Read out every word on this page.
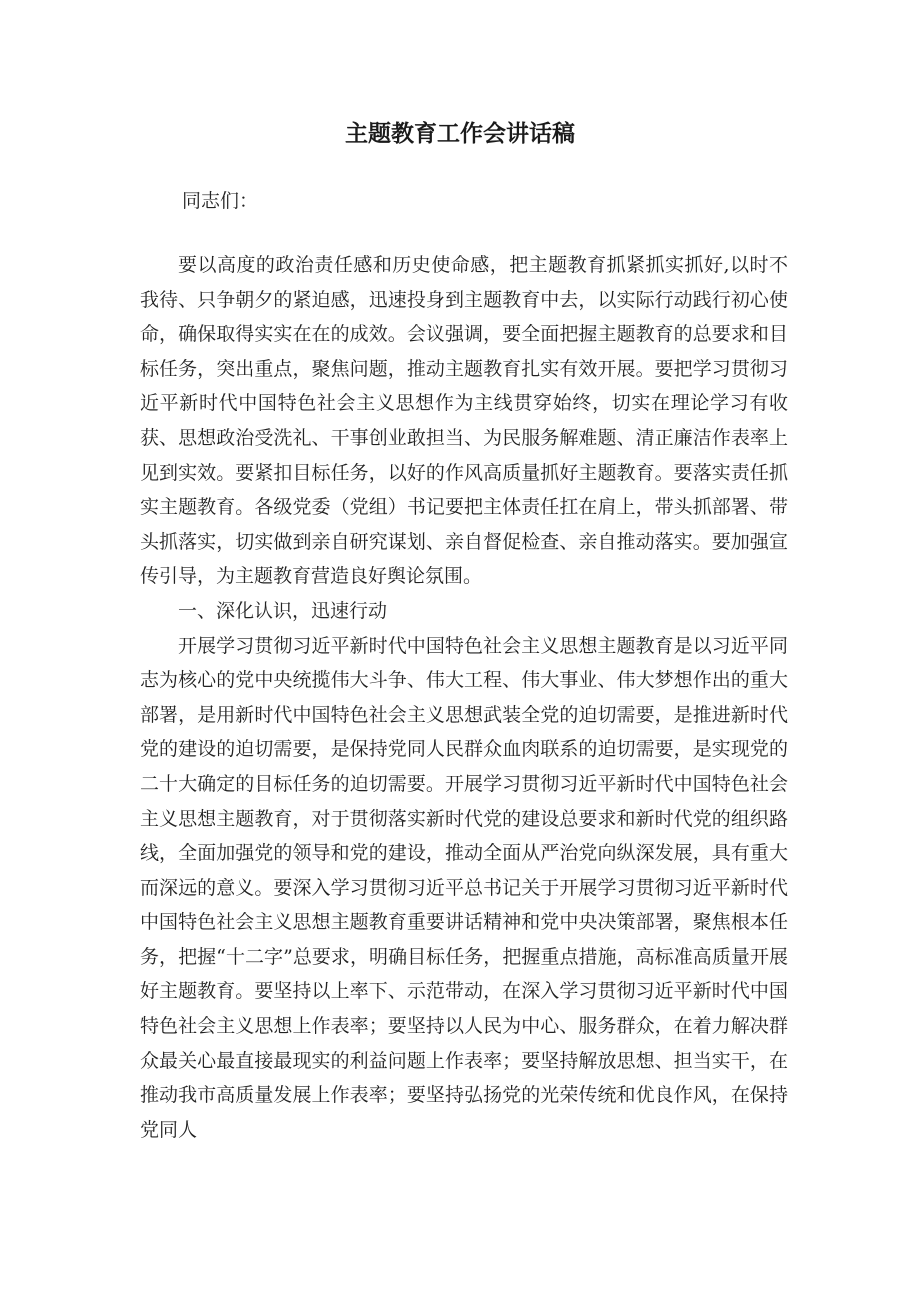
主题教育工作会讲话稿

同志们：

要以高度的政治责任感和历史使命感，把主题教育抓紧抓实抓好,以时不我待、只争朝夕的紧迫感，迅速投身到主题教育中去，以实际行动践行初心使命，确保取得实实在在的成效。会议强调，要全面把握主题教育的总要求和目标任务，突出重点，聚焦问题，推动主题教育扎实有效开展。要把学习贯彻习近平新时代中国特色社会主义思想作为主线贯穿始终，切实在理论学习有收获、思想政治受洗礼、干事创业敢担当、为民服务解难题、清正廉洁作表率上见到实效。要紧扣目标任务，以好的作风高质量抓好主题教育。要落实责任抓实主题教育。各级党委（党组）书记要把主体责任扛在肩上，带头抓部署、带头抓落实，切实做到亲自研究谋划、亲自督促检查、亲自推动落实。要加强宣传引导，为主题教育营造良好舆论氛围。

一、深化认识，迅速行动

开展学习贯彻习近平新时代中国特色社会主义思想主题教育是以习近平同志为核心的党中央统揽伟大斗争、伟大工程、伟大事业、伟大梦想作出的重大部署，是用新时代中国特色社会主义思想武装全党的迫切需要，是推进新时代党的建设的迫切需要，是保持党同人民群众血肉联系的迫切需要，是实现党的二十大确定的目标任务的迫切需要。开展学习贯彻习近平新时代中国特色社会主义思想主题教育，对于贯彻落实新时代党的建设总要求和新时代党的组织路线，全面加强党的领导和党的建设，推动全面从严治党向纵深发展，具有重大而深远的意义。要深入学习贯彻习近平总书记关于开展学习贯彻习近平新时代中国特色社会主义思想主题教育重要讲话精神和党中央决策部署，聚焦根本任务，把握“十二字”总要求，明确目标任务，把握重点措施，高标准高质量开展好主题教育。要坚持以上率下、示范带动，在深入学习贯彻习近平新时代中国特色社会主义思想上作表率；要坚持以人民为中心、服务群众，在着力解决群众最关心最直接最现实的利益问题上作表率；要坚持解放思想、担当实干，在推动我市高质量发展上作表率；要坚持弘扬党的光荣传统和优良作风，在保持党同人
